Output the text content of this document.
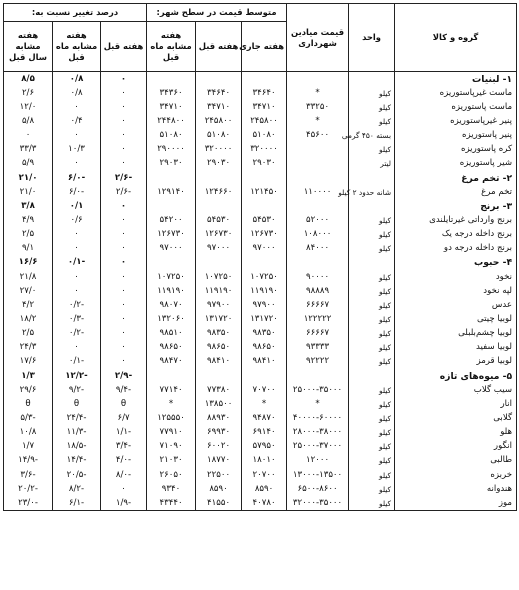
گروه و کالا	واحد	قیمت میادین شهرداری	متوسط قیمت در سطح شهر:			درصد تغییر نسبت به:		
			هفته جاری	هفته قبل	هفته مشابه ماه قبل	هفته قبل	هفته مشابه ماه قبل	هفته مشابه سال قبل
۱- لبنیات						۰	۰/۸	۸/۵
ماست غیرپاستوریزه	کیلو	*	۳۴۶۴۰	۳۴۶۴۰	۳۴۳۶۰	۰	۰/۸	۲/۶
ماست پاستوریزه	کیلو	۳۳۲۵۰	۳۴۷۱۰	۳۴۷۱۰	۳۴۷۱۰	۰	۰	۱۲/۰
پنیر غیرپاستوریزه	کیلو	*	۲۴۵۸۰۰	۲۴۵۸۰۰	۲۴۴۸۰۰	۰	۰/۴	۵/۸
پنیر پاستوریزه	بسته ۴۵۰ گرمی	۴۵۶۰۰	۵۱۰۸۰	۵۱۰۸۰	۵۱۰۸۰	۰	۰	۰
کره پاستوریزه	کیلو		۳۲۰۰۰۰	۳۲۰۰۰۰	۲۹۰۰۰۰	۰	۱۰/۳	۳۳/۳
شیر پاستوریزه	لیتر		۲۹۰۳۰	۲۹۰۳۰	۲۹۰۳۰	۰	۰	۵/۹
۲- تخم مرغ						-۲/۶	-۶/۰	۲۱/۰
تخم مرغ	شانه حدود ۲ کیلو	۱۱۰۰۰۰	۱۲۱۴۵۰	۱۲۴۶۶۰	۱۲۹۱۴۰	-۲/۶	-۶/۰	۲۱/۰
۳- برنج						۰	۰/۱	۳/۸
برنج وارداتی غیرتایلندی	کیلو	۵۲۰۰۰	۵۴۵۳۰	۵۴۵۳۰	۵۴۲۰۰	۰	۰/۶	۴/۹
برنج داخله درجه یک	کیلو	۱۰۸۰۰۰	۱۲۶۷۳۰	۱۲۶۷۳۰	۱۲۶۷۳۰	۰	۰	۲/۵
برنج داخله درجه دو	کیلو	۸۴۰۰۰	۹۷۰۰۰	۹۷۰۰۰	۹۷۰۰۰	۰	۰	۹/۱
۴- حبوب						۰	-۰/۱	۱۶/۶
نخود	کیلو	۹۰۰۰۰	۱۰۷۲۵۰	۱۰۷۲۵۰	۱۰۷۲۵۰	۰	۰	۲۱/۸
لپه نخود	کیلو	۹۸۸۸۹	۱۱۹۱۹۰	۱۱۹۱۹۰	۱۱۹۱۹۰	۰	۰	۲۷/۰
عدس	کیلو	۶۶۶۶۷	۹۷۹۰۰	۹۷۹۰۰	۹۸۰۷۰	۰	-۰/۲	۴/۲
لوبیا چیتی	کیلو	۱۲۲۲۲۲	۱۳۱۷۲۰	۱۳۱۷۲۰	۱۳۲۰۶۰	۰	-۰/۳	۱۸/۲
لوبیا چشم‌بلبلی	کیلو	۶۶۶۶۷	۹۸۳۵۰	۹۸۳۵۰	۹۸۵۱۰	۰	-۰/۲	۲/۵
لوبیا سفید	کیلو	۹۳۳۳۳	۹۸۶۵۰	۹۸۶۵۰	۹۸۶۵۰	۰	۰	۲۴/۳
لوبیا قرمز	کیلو	۹۲۲۲۲	۹۸۴۱۰	۹۸۴۱۰	۹۸۴۷۰	۰	-۰/۱	۱۷/۶
۵- میوه‌های تازه						-۲/۹	-۱۲/۲	۱/۳
سیب گلاب	کیلو	۲۵۰۰۰-۳۵۰۰۰	۷۰۷۰۰	۷۷۳۸۰	۷۷۱۴۰	-۹/۴	-۹/۲	۲۹/۶
انار	کیلو	*	*	۱۳۸۵۰۰	*	θ	θ	θ
گلابی	کیلو	۴۰۰۰۰-۶۰۰۰۰	۹۴۸۷۰	۸۸۹۳۰	۱۲۵۵۵۰	۶/۷	-۲۴/۴	-۵/۳
هلو	کیلو	۲۸۰۰۰-۳۸۰۰۰	۶۹۱۴۰	۶۹۹۳۰	۷۷۹۱۰	-۱/۱	-۱۱/۳	۱۰/۸
انگور	کیلو	۲۵۰۰۰-۳۷۰۰۰	۵۷۹۵۰	۶۰۰۲۰	۷۱۰۹۰	-۳/۴	-۱۸/۵	۱/۷
طالبی	کیلو	۱۲۰۰۰	۱۸۰۱۰	۱۸۷۷۰	۲۱۰۳۰	-۴/۰	-۱۴/۴	-۱۴/۹
خربزه	کیلو	۱۳۰۰۰-۱۳۵۰۰	۲۰۷۰۰	۲۲۵۰۰	۲۶۰۵۰	-۸/۰	-۲۰/۵	-۳/۶
هندوانه	کیلو	۶۵۰۰-۸۶۰۰	۸۵۹۰	۸۵۹۰	۹۳۴۰	۰	-۸/۲	-۲۰/۲
موز	کیلو	۳۲۰۰۰-۳۵۰۰۰	۴۰۷۸۰	۴۱۵۵۰	۴۳۴۴۰	-۱/۹	-۶/۱	-۲۳/۰
